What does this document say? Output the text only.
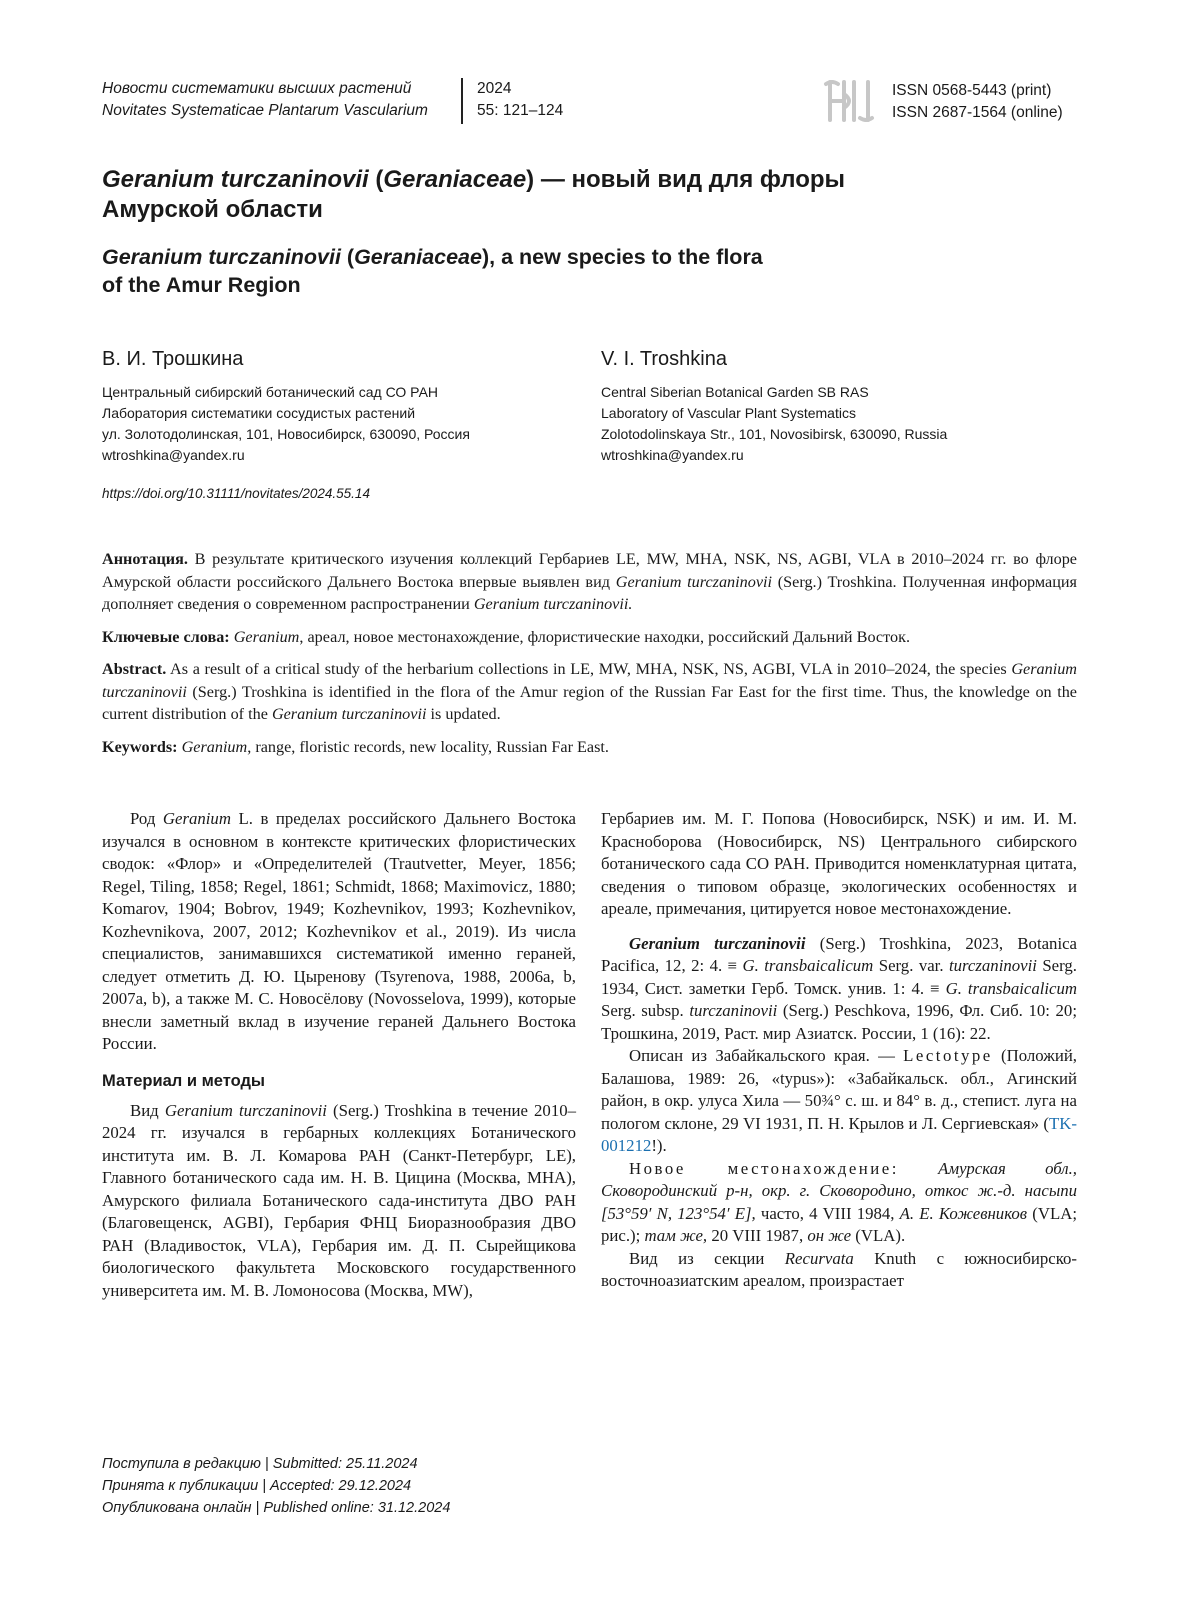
Новости систематики высших растений
Novitates Systematicae Plantarum Vascularium
2024
55: 121–124
ISSN 0568-5443 (print)
ISSN 2687-1564 (online)
Geranium turczaninovii (Geraniaceae) — новый вид для флоры
Амурской области
Geranium turczaninovii (Geraniaceae), a new species to the flora
of the Amur Region
В. И. Трошкина
Центральный сибирский ботанический сад СО РАН
Лаборатория систематики сосудистых растений
ул. Золотодолинская, 101, Новосибирск, 630090, Россия
wtroshkina@yandex.ru
V. I. Troshkina
Central Siberian Botanical Garden SB RAS
Laboratory of Vascular Plant Systematics
Zolotodolinskaya Str., 101, Novosibirsk, 630090, Russia
wtroshkina@yandex.ru
https://doi.org/10.31111/novitates/2024.55.14

Аннотация. В результате критического изучения коллекций Гербариев LE, MW, MHA, NSK, NS, AGBI, VLA в 2010–2024 гг. во флоре Амурской области российского Дальнего Востока впервые выявлен вид Geranium turczaninovii (Serg.) Troshkina. Полученная информация дополняет сведения о современном распространении Geranium turczaninovii.

Ключевые слова: Geranium, ареал, новое местонахождение, флористические находки, российский Дальний Восток.

Abstract. As a result of a critical study of the herbarium collections in LE, MW, MHA, NSK, NS, AGBI, VLA in 2010–2024, the species Geranium turczaninovii (Serg.) Troshkina is identified in the flora of the Amur region of the Russian Far East for the first time. Thus, the knowledge on the current distribution of the Geranium turczaninovii is updated.

Keywords: Geranium, range, floristic records, new locality, Russian Far East.

Род Geranium L. в пределах российского Дальнего Востока изучался в основном в контексте критических флористических сводок: «Флор» и «Определителей (Trautvetter, Meyer, 1856; Regel, Tiling, 1858; Regel, 1861; Schmidt, 1868; Maximovicz, 1880; Komarov, 1904; Bobrov, 1949; Kozhevnikov, 1993; Kozhevnikov, Kozhevnikova, 2007, 2012; Kozhevnikov et al., 2019). Из числа специалистов, занимавшихся систематикой именно гераней, следует отметить Д. Ю. Цыренову (Tsyrenova, 1988, 2006a, b, 2007a, b), а также М. С. Новосёлову (Novosselova, 1999), которые внесли заметный вклад в изучение гераней Дальнего Востока России.

Материал и методы

Вид Geranium turczaninovii (Serg.) Troshkina в течение 2010–2024 гг. изучался в гербарных коллекциях Ботанического института им. В. Л. Комарова РАН (Санкт-Петербург, LE), Главного ботанического сада им. Н. В. Цицина (Москва, MHA), Амурского филиала Ботанического сада-института ДВО РАН (Благовещенск, AGBI), Гербария ФНЦ Биоразнообразия ДВО РАН (Владивосток, VLA), Гербария им. Д. П. Сырейщикова биологического факультета Московского государственного университета им. М. В. Ломоносова (Москва, MW),

Гербариев им. М. Г. Попова (Новосибирск, NSK) и им. И. М. Красноборова (Новосибирск, NS) Центрального сибирского ботанического сада СО РАН. Приводится номенклатурная цитата, сведения о типовом образце, экологических особенностях и ареале, примечания, цитируется новое местонахождение.

Geranium turczaninovii (Serg.) Troshkina, 2023, Botanica Pacifica, 12, 2: 4. ≡ G. transbaicalicum Serg. var. turczaninovii Serg. 1934, Сист. заметки Герб. Томск. унив. 1: 4. ≡ G. transbaicalicum Serg. subsp. turczaninovii (Serg.) Peschkova, 1996, Фл. Сиб. 10: 20; Трошкина, 2019, Раст. мир Азиатск. России, 1 (16): 22.

Описан из Забайкальского края. — Lectotype (Положий, Балашова, 1989: 26, «typus»): «Забайкальск. обл., Агинский район, в окр. улуса Хила — 50¾° с. ш. и 84° в. д., степист. луга на пологом склоне, 29 VI 1931, П. Н. Крылов и Л. Сергиевская» (TK-001212!).

Новое местонахождение: Амурская обл., Сковородинский р-н, окр. г. Сковородино, откос ж.-д. насыпи [53°59′ N, 123°54′ E], часто, 4 VIII 1984, А. Е. Кожевников (VLA; рис.); там же, 20 VIII 1987, он же (VLA).

Вид из секции Recurvata Knuth с южносибирско-восточноазиатским ареалом, произрастает

Поступила в редакцию | Submitted: 25.11.2024
Принята к публикации | Accepted: 29.12.2024
Опубликована онлайн | Published online: 31.12.2024
